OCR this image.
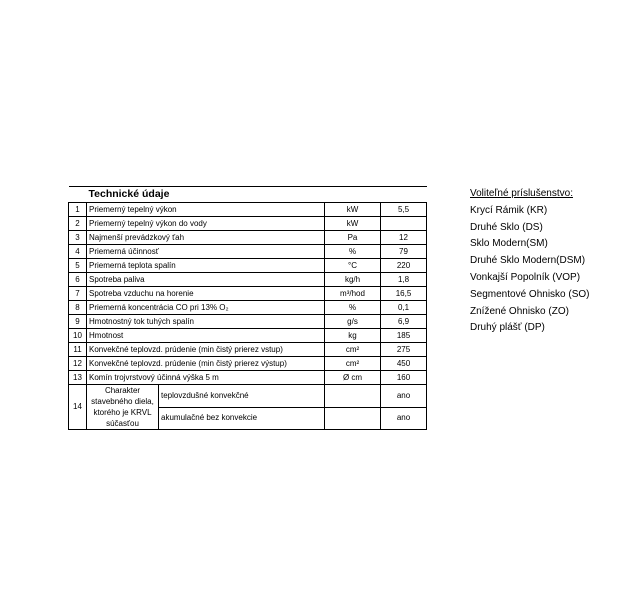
	Technické údaje			
1	Priemerný tepelný výkon		kW	5,5
2	Priemerný tepelný výkon do vody		kW	
3	Najmenší prevádzkový ťah		Pa	12
4	Priemerná účinnosť		%	79
5	Priemerná teplota spalín		°C	220
6	Spotreba paliva		kg/h	1,8
7	Spotreba vzduchu na horenie		m³/hod	16,5
8	Priemerná koncentrácia CO pri 13% O₂		%	0,1
9	Hmotnostný tok tuhých spalín		g/s	6,9
10	Hmotnost		kg	185
11	Konvekčné teplovzd. prúdenie (min čistý prierez vstup)		cm²	275
12	Konvekčné teplovzd. prúdenie (min čistý prierez výstup)		cm²	450
13	Komín trojvrstvový účinná výška 5 m		Ø cm	160
14	Charakter stavebného diela,
ktorého je KRVL súčasťou	teplovzdušné konvekčné		ano
		akumulačné bez konvekcie		ano
Voliteľné príslušenstvo:
Krycí Rámik (KR)
Druhé Sklo (DS)
Sklo Modern(SM)
Druhé Sklo Modern(DSM)
Vonkajší Popolník (VOP)
Segmentové Ohnisko (SO)
Znížené Ohnisko (ZO)
Druhý plášť (DP)
